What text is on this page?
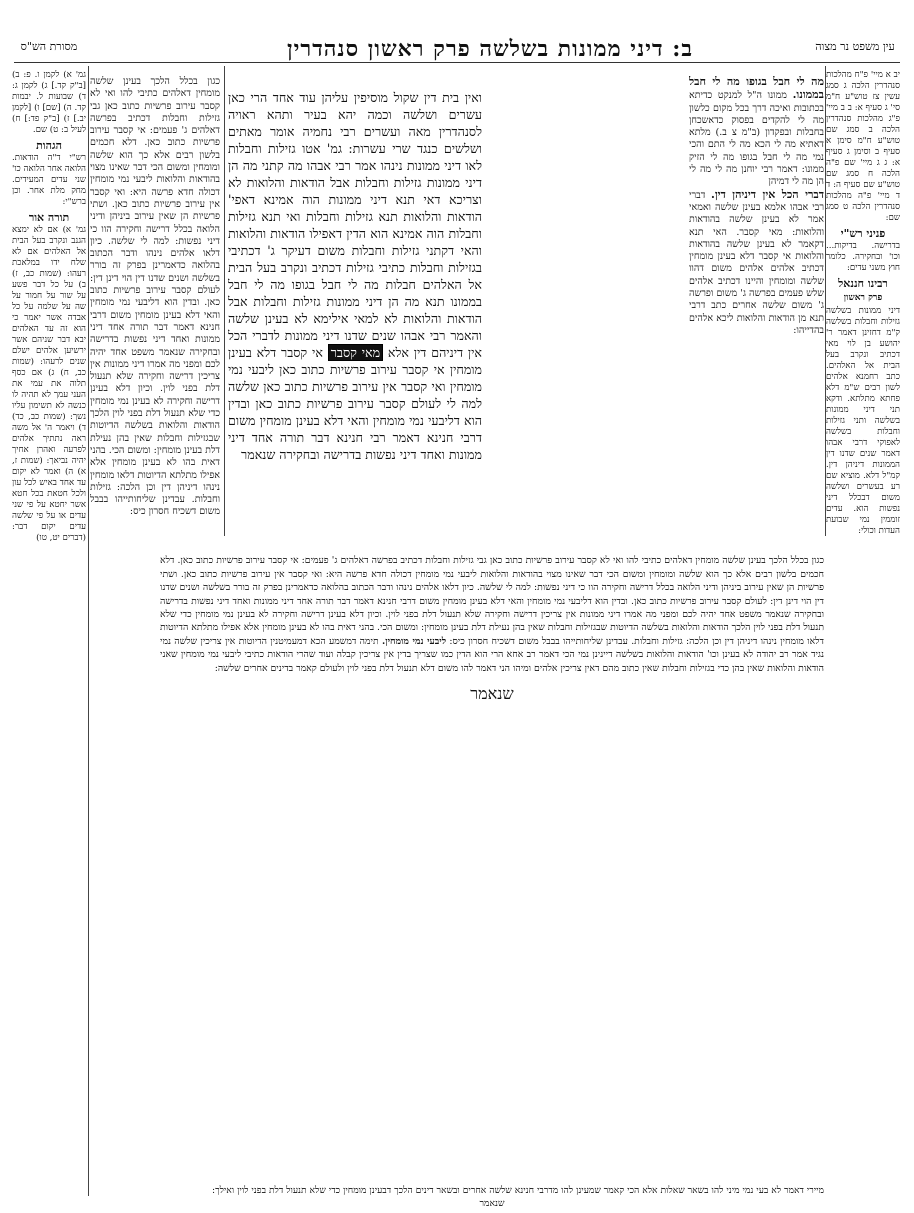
עין משפט נר מצוה
ב: דיני ממונות בשלשה פרק ראשון סנהדרין
מסורת הש"ס

יב א מיי' פ"ח מהלכות סנהדרין הלכה ג סמג עשין צז טוש"ע ח"מ סי' ג סעיף א: ב ב מיי' פ"ג מהלכות סנהדרין הלכה ב סמג שם טוש"ע ח"מ סימן א סעיף ב וסימן ג סעיף א: ג ג מיי' שם פ"ה הלכה ח סמג שם טוש"ע שם סעיף ה: ד ד מיי' פ"ה מהלכות סנהדרין הלכה ט סמג שם:

פניני רש"י

בדרישה. בדיקות... וכו' ובחקירה. כלומר חוץ משני עדים:

רבינו חננאל
פרק ראשון

דיני ממונות בשלשה גזילות וחבלות בשלשה ק"מ דחזינן דאמר ר' יהושע בן לוי מאי דכתיב ונקרב בעל הבית אל האלהים. כתב רחמנא אלהים לשון רבים ש"מ דלא פחתא מתלתא. ודקא תני דיני ממונות בשלשה ותני גזילות וחבלות בשלשה לאפוקי דרבי אבהו דאמר שנים שדנו דין הממונות דיניהן דין. קמ"ל דלא. מוציא שם רע בעשרים ושלשה משום דבכלל דיני נפשות הוא. עדים זוממין נמי שבועת העדות וכולי:

מה לי חבל בגופו מה לי חבל בממונו. ממונו ה"ל למנקט כדיתא בכתובות ואיכה דרך בכל מקום כלשון מה לי להקדים בפסוק כדאשכחן בחבלות ובפקדון (ב"מ צ ב.) מלתא דאתיא מה לי הכא מה לי התם והכי נמי מה לי חבל בגופו מה לי הזיק ממונו: דאמר רבי יוחנן מה לי מה לי הן מה לי דמיהן

דברי הכל אין דיניהן דין. דברי רבי אבהו אלמא בעינן שלשה ואמאי אמר לא בעינן שלשה בהודאות והלואות: מאי קסבר. האי תנא דקאמר לא בעינן שלשה בהודאות והלואות אי קסבר דלא בעינן מומחין דכתיב אלהים אלהים משום דהוו שלשה ומומחין והיינו דכתיב אלהים שלש פעמים בפרשה ג' משום ופרשה ג' משום שלשה אחרים כתב דרבי תנא מן הודאות והלואות ליכא אלהים בהדייהו:

ואין בית דין שקול מוסיפין עליהן עוד אחד הרי כאן עשרים ושלשה וכמה יהא בעיר ותהא ראויה לסנהדרין מאה ועשרים רבי נחמיה אומר מאתים ושלשים כנגד שרי עשרות: גמ' אטו גזילות וחבלות לאו דיני ממונות נינהו אמר רבי אבהו מה קתני מה הן דיני ממונות גזילות וחבלות אבל הודאות והלואות לא וצריכא דאי תנא דיני ממונות הוה אמינא דאפי' הודאות והלואות תנא גזילות וחבלות ואי תנא גזילות וחבלות הוה אמינא הוא הדין דאפילו הודאות והלואות והאי דקתני גזילות וחבלות משום דעיקר ג' דכתיבי בגזילות וחבלות כתיבי גזילות דכתיב ונקרב בעל הבית אל האלהים חבלות מה לי חבל בגופו מה לי חבל בממונו תנא מה הן דיני ממונות גזילות וחבלות אבל הודאות והלואות לא למאי אילימא לא בעינן שלשה והאמר רבי אבהו שנים שדנו דיני ממונות לדברי הכל אין דיניהם דין אלא מאי קסבר אי קסבר דלא בעינן מומחין אי קסבר עירוב פרשיות כתוב כאן ליבעי נמי מומחין ואי קסבר אין עירוב פרשיות כתוב כאן שלשה למה לי לעולם קסבר עירוב פרשיות כתוב כאן ובדין הוא דליבעי נמי מומחין והאי דלא בעינן מומחין משום דרבי חנינא דאמר רבי חנינא דבר תורה אחד דיני ממונות ואחד דיני נפשות בדרישה ובחקירה שנאמר

כגון בכלל הלכך בעינן שלשה מומחין דאלהים כתיבי להו ואי לא קסבר עירוב פרשיות כתוב כאן גבי גזילות וחבלות דכתיב בפרשה דאלהים ג' פעמים: אי קסבר עירוב פרשיות כתוב כאן. דלא חכמים בלשון רבים אלא כך הוא שלשה ומומחין ומשום הכי דבר שאינו מצוי בהודאות והלואות ליבעי נמי מומחין דכולה חדא פרשה היא: ואי קסבר אין עירוב פרשיות כתוב כאן. ושתי פרשיות הן שאין עירוב ביניהן ודיני הלואה בכלל דרישה וחקירה הוו כי דיני נפשות: למה לי שלשה. כיון דלאו אלהים נינהו ודבר הכתוב בהלואה כדאמרינן בפרק זה בורר בשלשה ושנים שדנו דין הוי דינן דין: לעולם קסבר עירוב פרשיות כתוב כאן. ובדין הוא דליבעי נמי מומחין והאי דלא בעינן מומחין משום דרבי חנינא דאמר דבר תורה אחד דיני ממונות ואחד דיני נפשות בדרישה ובחקירה שנאמר משפט אחד יהיה לכם ומפני מה אמרו דיני ממונות אין צריכין דרישה וחקירה שלא תנעול דלת בפני לוין. וכיון דלא בעינן דרישה וחקירה לא בעינן נמי מומחין כדי שלא תנעול דלת בפני לוין הלכך הודאות והלואות בשלשה הדיוטות שבגזילות וחבלות שאין בהן נעילת דלת בעינן מומחין: ומשום הכי. בהני דאית בהו לא בעינן מומחין אלא אפילו מתלתא הדיוטות דלאו מומחין נינהו דיניהן דין וכן הלכה: גזילות וחבלות. עבדינן שליחותייהו בבבל משום דשכיח חסרון כיס:

גמ' א) לקמן ו. פ: ב) [ב"ק קד.] ג) לקמן ג: ד) שבועות ל. יבמות קד. ה) [שם] ו) [לקמן יב.] ז) [ב"ק פד:] ח) לעיל ב: ט) שם.

הגהות

רש"י ד"ה הודאות. הלואה אחר הלואה כו' שני עדים המעידים. מחק מלת אחר. וכן ברש"י:

תורה אור

גמ' א) אם לא ימצא הגנב ונקרב בעל הבית אל האלהים אם לא שלח ידו במלאכת רעהו: (שמות כב, ז) ב) על כל דבר פשע על שור על חמור על שה על שלמה על כל אבדה אשר יאמר כי הוא זה עד האלהים יבא דבר שניהם אשר ירשיען אלהים ישלם שנים לרעהו: (שמות כב, ח) ג) אם כסף תלוה את עמי את העני עמך לא תהיה לו כנשה לא תשימון עליו נשך: (שמות כב, כד) ד) ויאמר ה' אל משה ראה נתתיך אלהים לפרעה ואהרן אחיך יהיה נביאך: (שמות ז, א) ה) ואמר לא יקום עד אחד באיש לכל עון ולכל חטאת בכל חטא אשר יחטא על פי שני עדים או על פי שלשה עדים יקום דבר: (דברים יט, טו)

כגון בכלל הלכך בעינן שלשה מומחין דאלהים כתיבי להו ואי לא קסבר עירוב פרשיות כתוב כאן גבי גזילות וחבלות דכתיב בפרשה דאלהים ג' פעמים: אי קסבר עירוב פרשיות כתוב כאן. דלא חכמים בלשון רבים אלא כך הוא שלשה ומומחין ומשום הכי דבר שאינו מצוי בהודאות והלואות ליבעי נמי מומחין דכולה חדא פרשה היא: ואי קסבר אין עירוב פרשיות כתוב כאן. ושתי פרשיות הן שאין עירוב ביניהן ודיני הלואה בכלל דרישה וחקירה הוו כי דיני נפשות: למה לי שלשה. כיון דלאו אלהים נינהו ודבר הכתוב בהלואה כדאמרינן בפרק זה בורר בשלשה ושנים שדנו דין הוי דינן דין: לעולם קסבר עירוב פרשיות כתוב כאן. ובדין הוא דליבעי נמי מומחין והאי דלא בעינן מומחין משום דרבי חנינא דאמר דבר תורה אחד דיני ממונות ואחד דיני נפשות בדרישה ובחקירה שנאמר משפט אחד יהיה לכם ומפני מה אמרו דיני ממונות אין צריכין דרישה וחקירה שלא תנעול דלת בפני לוין. וכיון דלא בעינן דרישה וחקירה לא בעינן נמי מומחין כדי שלא תנעול דלת בפני לוין הלכך הודאות והלואות בשלשה הדיוטות שבגזילות וחבלות שאין בהן נעילת דלת בעינן מומחין: ומשום הכי. בהני דאית בהו לא בעינן מומחין אלא אפילו מתלתא הדיוטות דלאו מומחין נינהו דיניהן דין וכן הלכה: גזילות וחבלות. עבדינן שליחותייהו בבבל משום דשכיח חסרון כיס: ליבעי נמי מומחין. תימה דמשמע הכא דמעמיטנין הדיוטות אין צריכין שלשה נמי נגיד אמר רב יהודה לא בעינן וכו' הודאות והלואות בשלשה דיינינן נמי הכי דאמר רב אחא הרי הוא הדין כמו שצריך בדין אין צריכין קבלה ועוד שהרי הודאות כתיבי ליבעי נמי מומחין שאני הודאות והלואות שאין בהן כדי בגזילות וחבלות שאין כתוב מהם דאין צריכין אלהים ומיהו הני דאמר להו משום דלא תנעול דלת בפני לוין ולעולם קאמר בדינים אחרים שלשה:

שנאמר
מיירי דאמר לא בעי נמי מיני להו בשאר שאלות אלא הכי קאמר שמעינן להו מדרבי חנינא שלשה אחרים ובשאר דינים הלכך דבעינן מומחין כדי שלא תנעול דלת בפני לוין ואילך:
שנאמר
